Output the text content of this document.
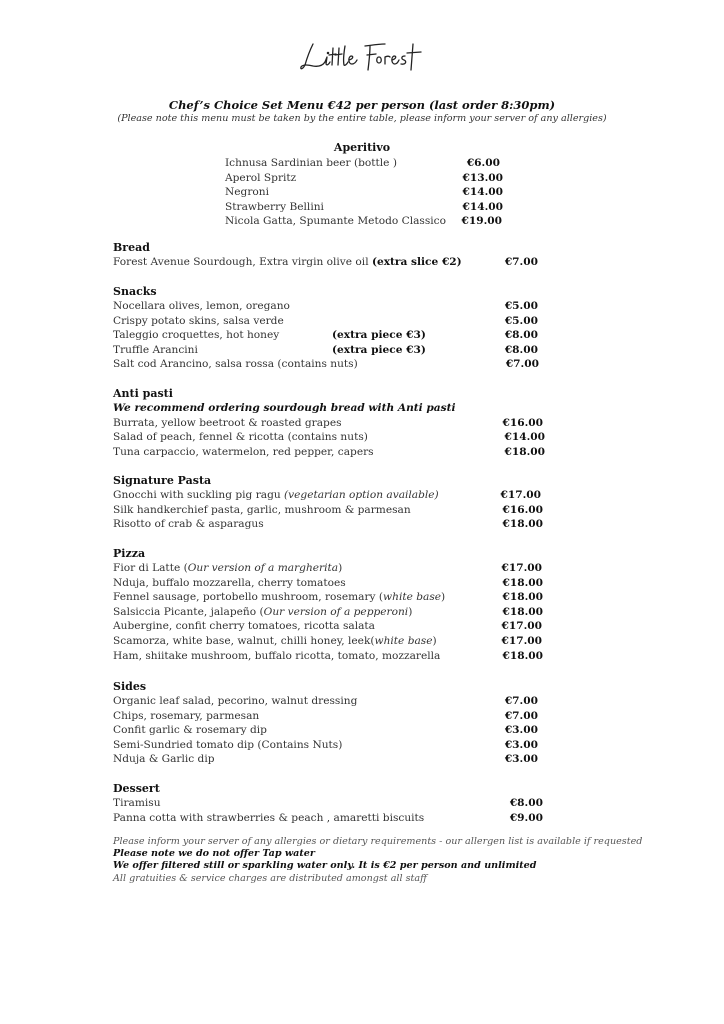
Chef’s Choice Set Menu €42 per person (last order 8:30pm)
(Please note this menu must be taken by the entire table, please inform your server of any allergies)
Aperitivo
Ichnusa Sardinian beer (bottle )	€6.00
Aperol Spritz	€13.00
Negroni	€14.00
Strawberry Bellini	€14.00
Nicola Gatta, Spumante Metodo Classico €19.00
Bread
Forest Avenue Sourdough, Extra virgin olive oil (extra slice €2)	€7.00
Snacks
Nocellara olives, lemon, oregano	€5.00
Crispy potato skins, salsa verde	€5.00
Taleggio croquettes, hot honey	(extra piece €3)	€8.00
Truffle Arancini	(extra piece €3)	€8.00
Salt cod Arancino, salsa rossa (contains nuts)	€7.00
Anti pasti
We recommend ordering sourdough bread with Anti pasti
Burrata, yellow beetroot & roasted grapes	€16.00
Salad of peach, fennel & ricotta (contains nuts)	€14.00
Tuna carpaccio, watermelon, red pepper, capers	€18.00
Signature Pasta
Gnocchi with suckling pig ragu (vegetarian option available)	€17.00
Silk handkerchief pasta, garlic, mushroom & parmesan	€16.00
Risotto of crab & asparagus	€18.00
Pizza
Fior di Latte (Our version of a margherita)	€17.00
Nduja, buffalo mozzarella, cherry tomatoes	€18.00
Fennel sausage, portobello mushroom, rosemary (white base)	€18.00
Salsiccia Picante, jalapeño (Our version of a pepperoni)	€18.00
Aubergine, confit cherry tomatoes, ricotta salata	€17.00
Scamorza, white base, walnut, chilli honey, leek(white base)	€17.00
Ham, shiitake mushroom, buffalo ricotta, tomato, mozzarella	€18.00
Sides
Organic leaf salad, pecorino, walnut dressing	€7.00
Chips, rosemary, parmesan	€7.00
Confit garlic & rosemary dip	€3.00
Semi-Sundried tomato dip (Contains Nuts)	€3.00
Nduja & Garlic dip	€3.00
Dessert
Tiramisu	€8.00
Panna cotta with strawberries & peach , amaretti biscuits	€9.00
Please inform your server of any allergies or dietary requirements - our allergen list is available if requested
Please note we do not offer Tap water
We offer filtered still or sparkling water only. It is €2 per person and unlimited
All gratuities & service charges are distributed amongst all staff
